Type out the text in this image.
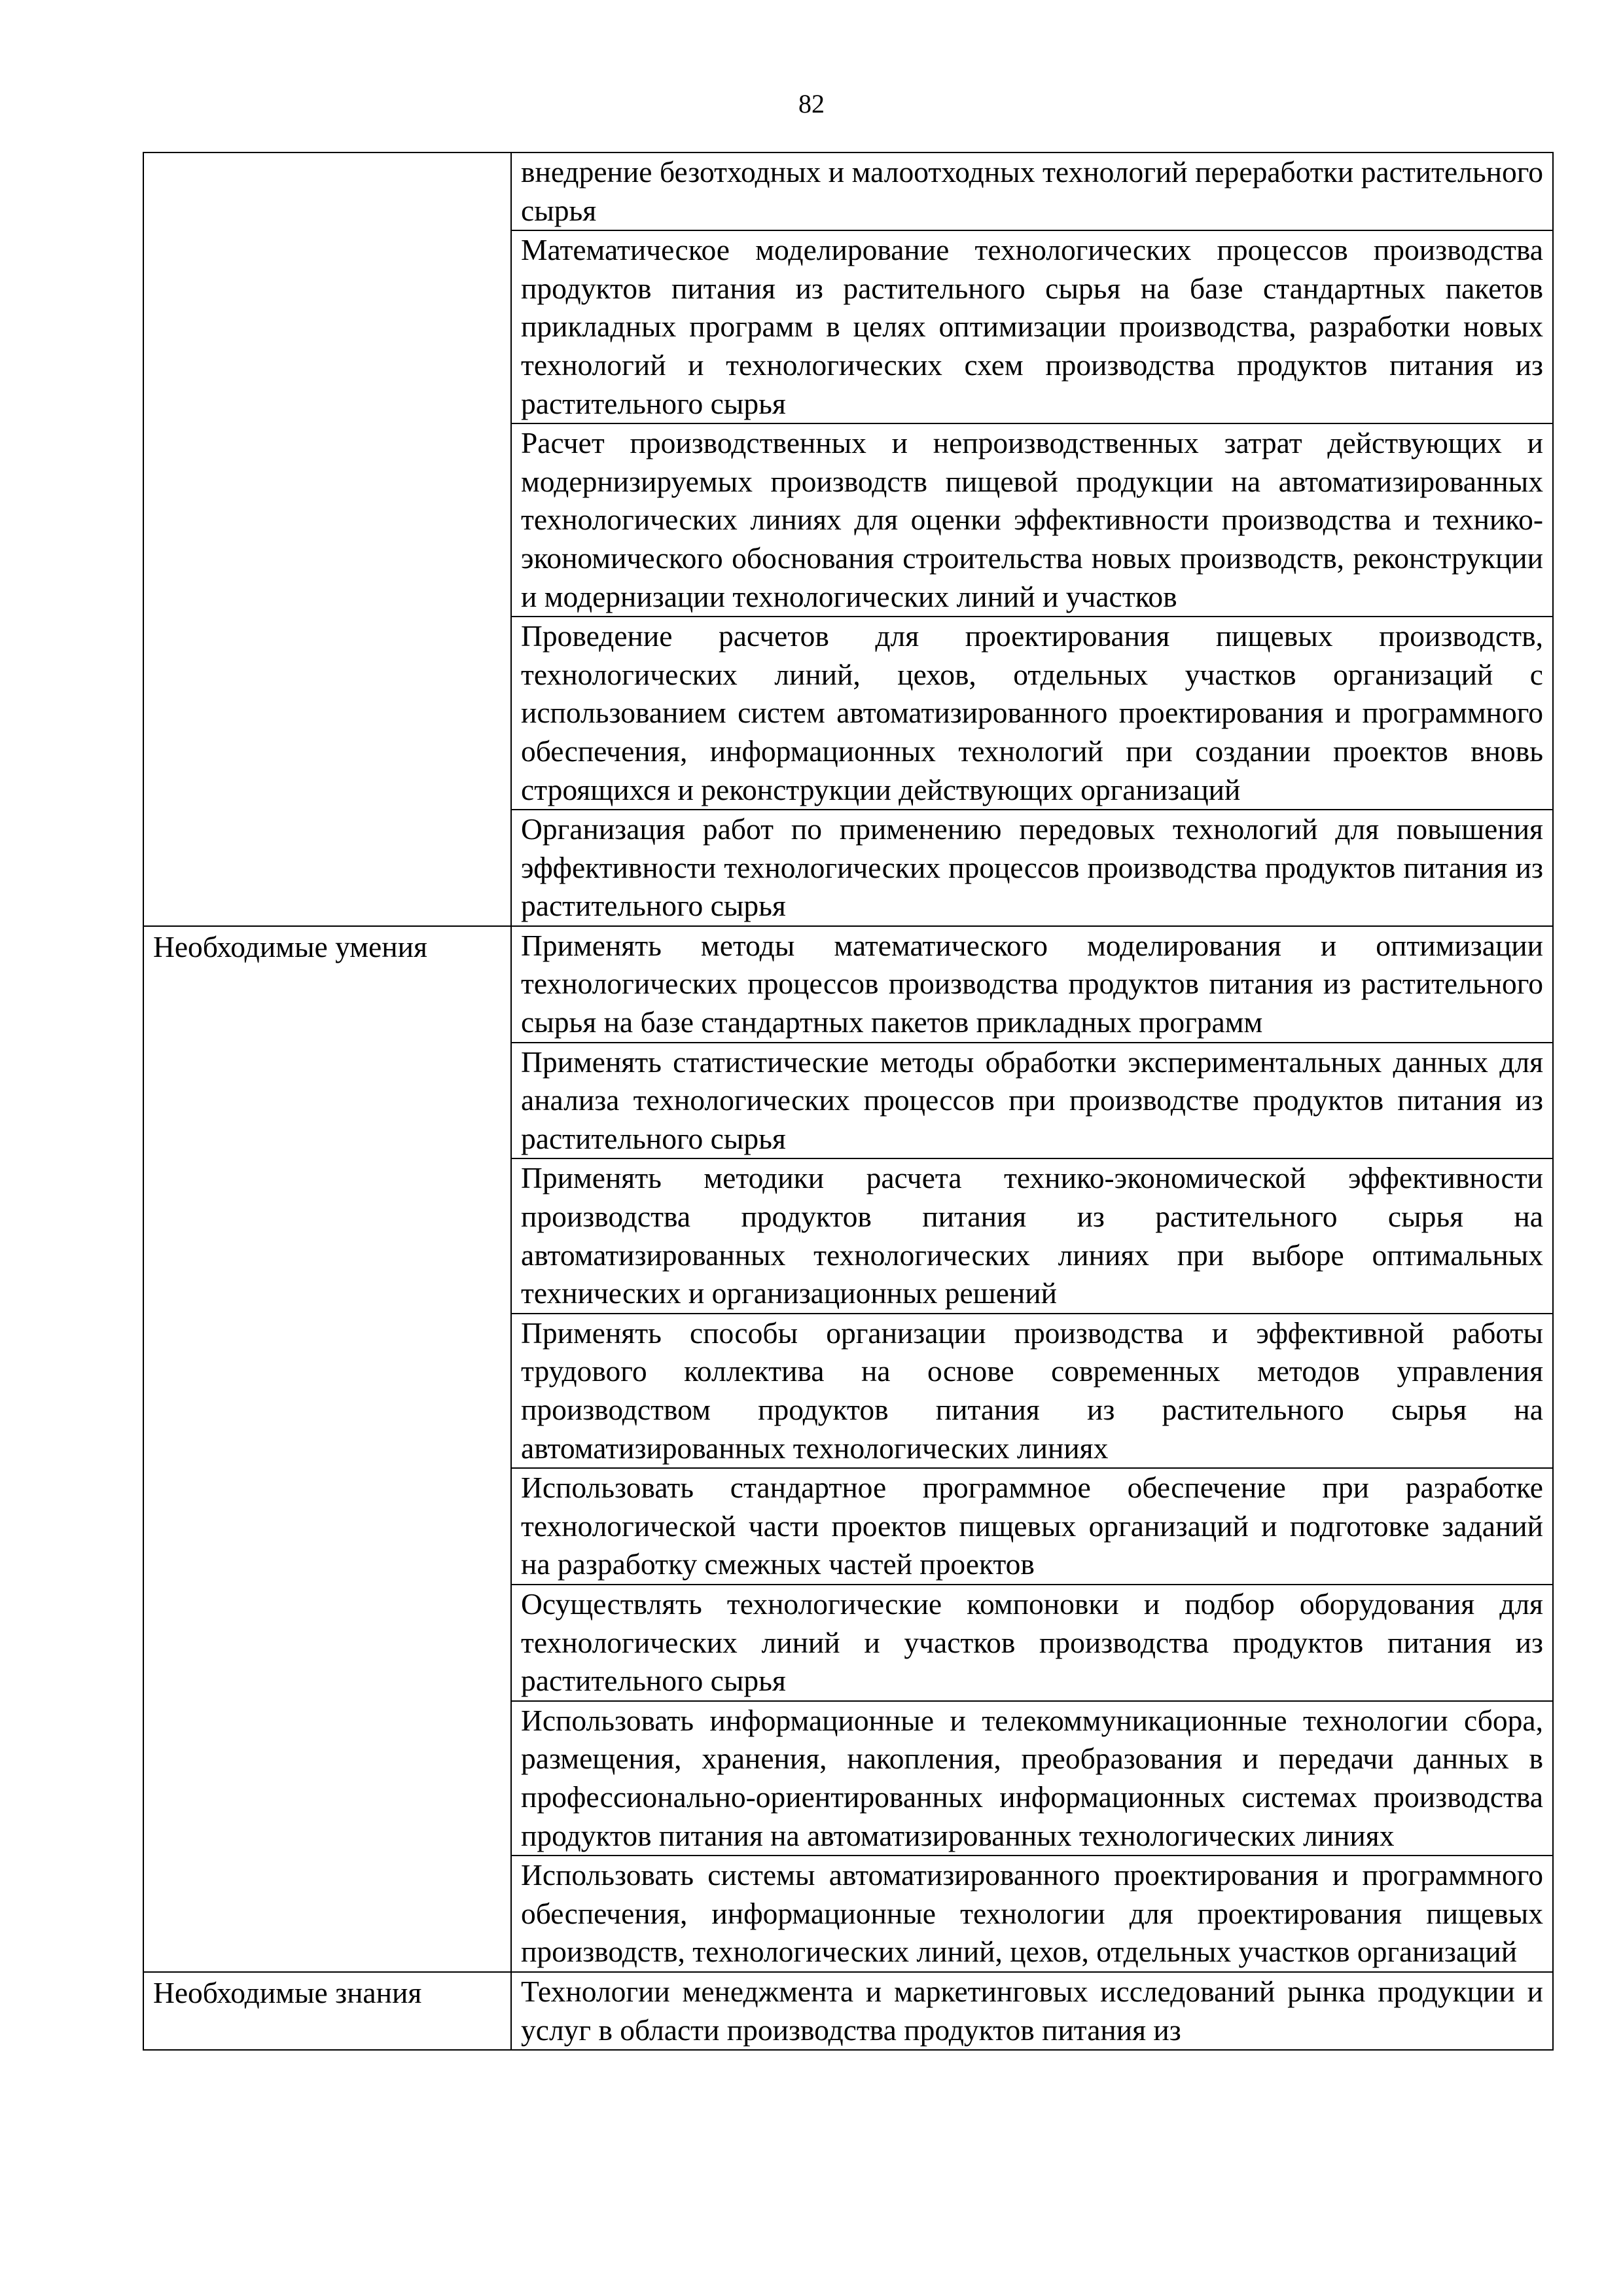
82
	внедрение безотходных и малоотходных технологий переработки растительного сырья
	Математическое моделирование технологических процессов производства продуктов питания из растительного сырья на базе стандартных пакетов прикладных программ в целях оптимизации производства, разработки новых технологий и технологических схем производства продуктов питания из растительного сырья
	Расчет производственных и непроизводственных затрат действующих и модернизируемых производств пищевой продукции на автоматизированных технологических линиях для оценки эффективности производства и технико-экономического обоснования строительства новых производств, реконструкции и модернизации технологических линий и участков
	Проведение расчетов для проектирования пищевых производств, технологических линий, цехов, отдельных участков организаций с использованием систем автоматизированного проектирования и программного обеспечения, информационных технологий при создании проектов вновь строящихся и реконструкции действующих организаций
	Организация работ по применению передовых технологий для повышения эффективности технологических процессов производства продуктов питания из растительного сырья
Необходимые умения	Применять методы математического моделирования и оптимизации технологических процессов производства продуктов питания из растительного сырья на базе стандартных пакетов прикладных программ
	Применять статистические методы обработки экспериментальных данных для анализа технологических процессов при производстве продуктов питания из растительного сырья
	Применять методики расчета технико-экономической эффективности производства продуктов питания из растительного сырья на автоматизированных технологических линиях при выборе оптимальных технических и организационных решений
	Применять способы организации производства и эффективной работы трудового коллектива на основе современных методов управления производством продуктов питания из растительного сырья на автоматизированных технологических линиях
	Использовать стандартное программное обеспечение при разработке технологической части проектов пищевых организаций и подготовке заданий на разработку смежных частей проектов
	Осуществлять технологические компоновки и подбор оборудования для технологических линий и участков производства продуктов питания из растительного сырья
	Использовать информационные и телекоммуникационные технологии сбора, размещения, хранения, накопления, преобразования и передачи данных в профессионально-ориентированных информационных системах производства продуктов питания на автоматизированных технологических линиях
	Использовать системы автоматизированного проектирования и программного обеспечения, информационные технологии для проектирования пищевых производств, технологических линий, цехов, отдельных участков организаций
Необходимые знания	Технологии менеджмента и маркетинговых исследований рынка продукции и услуг в области производства продуктов питания из
